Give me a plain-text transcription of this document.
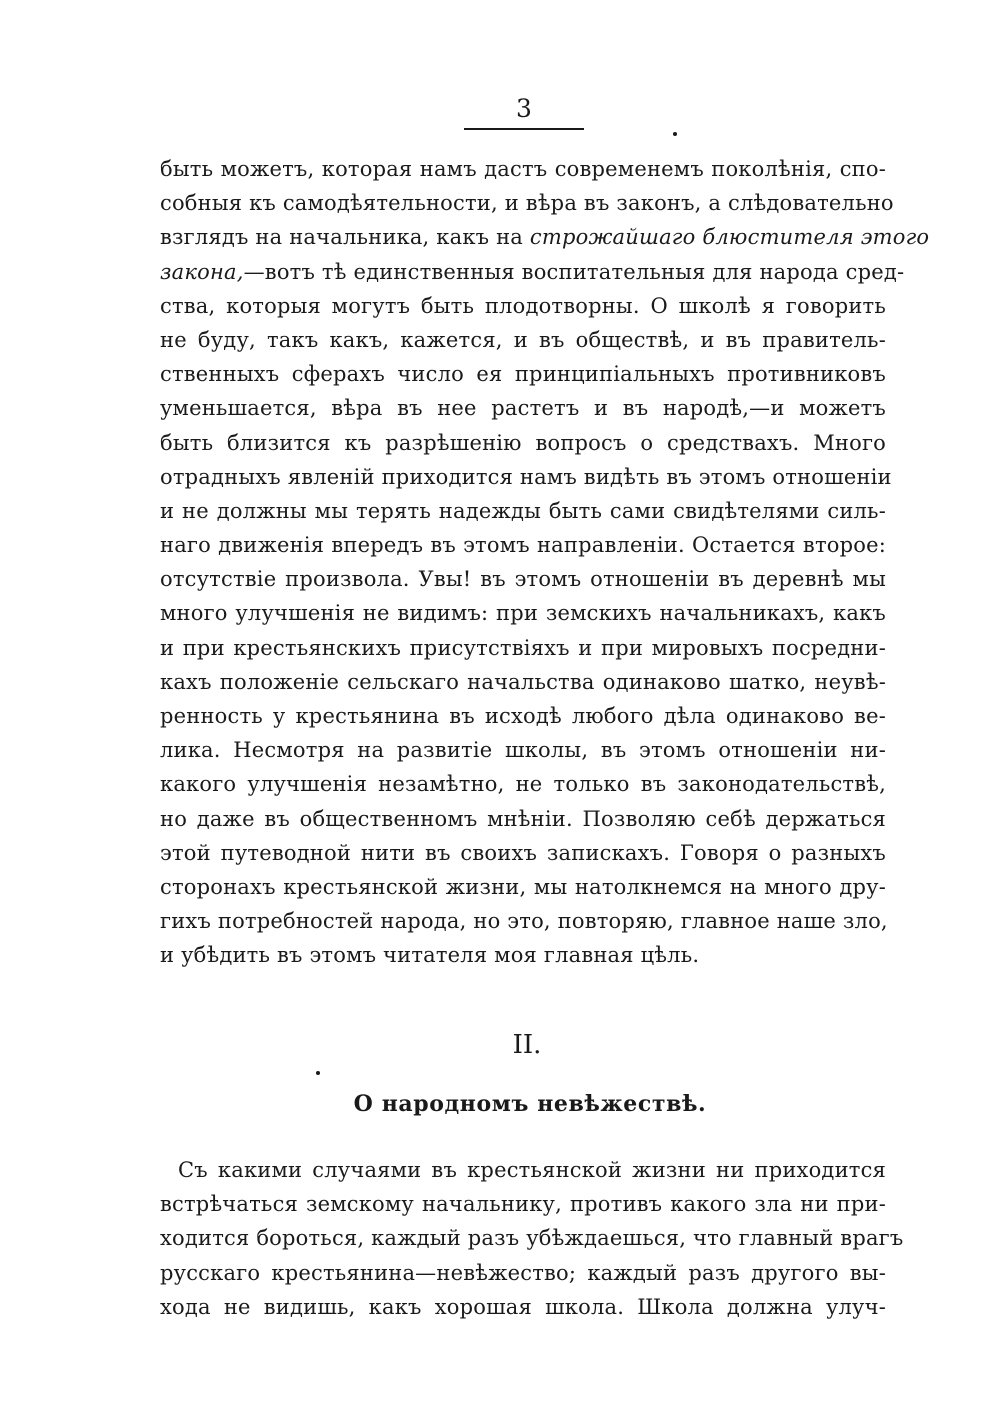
3
быть можетъ, которая намъ дастъ современемъ поколѣнія, спо-
собныя къ самодѣятельности, и вѣра въ законъ, а слѣдовательно
взглядъ на начальника, какъ на строжайшаго блюстителя этого
закона,—вотъ тѣ единственныя воспитательныя для народа сред-
ства, которыя могутъ быть плодотворны. О школѣ я говорить
не буду, такъ какъ, кажется, и въ обществѣ, и въ правитель-
ственныхъ сферахъ число ея принципіальныхъ противниковъ
уменьшается, вѣра въ нее растетъ и въ народѣ,—и можетъ
быть близится къ разрѣшенію вопросъ о средствахъ. Много
отрадныхъ явленій приходится намъ видѣть въ этомъ отношеніи
и не должны мы терять надежды быть сами свидѣтелями силь-
наго движенія впередъ въ этомъ направленіи. Остается второе:
отсутствіе произвола. Увы! въ этомъ отношеніи въ деревнѣ мы
много улучшенія не видимъ: при земскихъ начальникахъ, какъ
и при крестьянскихъ присутствіяхъ и при мировыхъ посредни-
кахъ положеніе сельскаго начальства одинаково шатко, неувѣ-
ренность у крестьянина въ исходѣ любого дѣла одинаково ве-
лика. Несмотря на развитіе школы, въ этомъ отношеніи ни-
какого улучшенія незамѣтно, не только въ законодательствѣ,
но даже въ общественномъ мнѣніи. Позволяю себѣ держаться
этой путеводной нити въ своихъ запискахъ. Говоря о разныхъ
сторонахъ крестьянской жизни, мы натолкнемся на много дру-
гихъ потребностей народа, но это, повторяю, главное наше зло,
и убѣдить въ этомъ читателя моя главная цѣль.
II.
О народномъ невѣжествѣ.
Съ какими случаями въ крестьянской жизни ни приходится
встрѣчаться земскому начальнику, противъ какого зла ни при-
ходится бороться, каждый разъ убѣждаешься, что главный врагъ
русскаго крестьянина—невѣжество; каждый разъ другого вы-
хода не видишь, какъ хорошая школа. Школа должна улуч-
